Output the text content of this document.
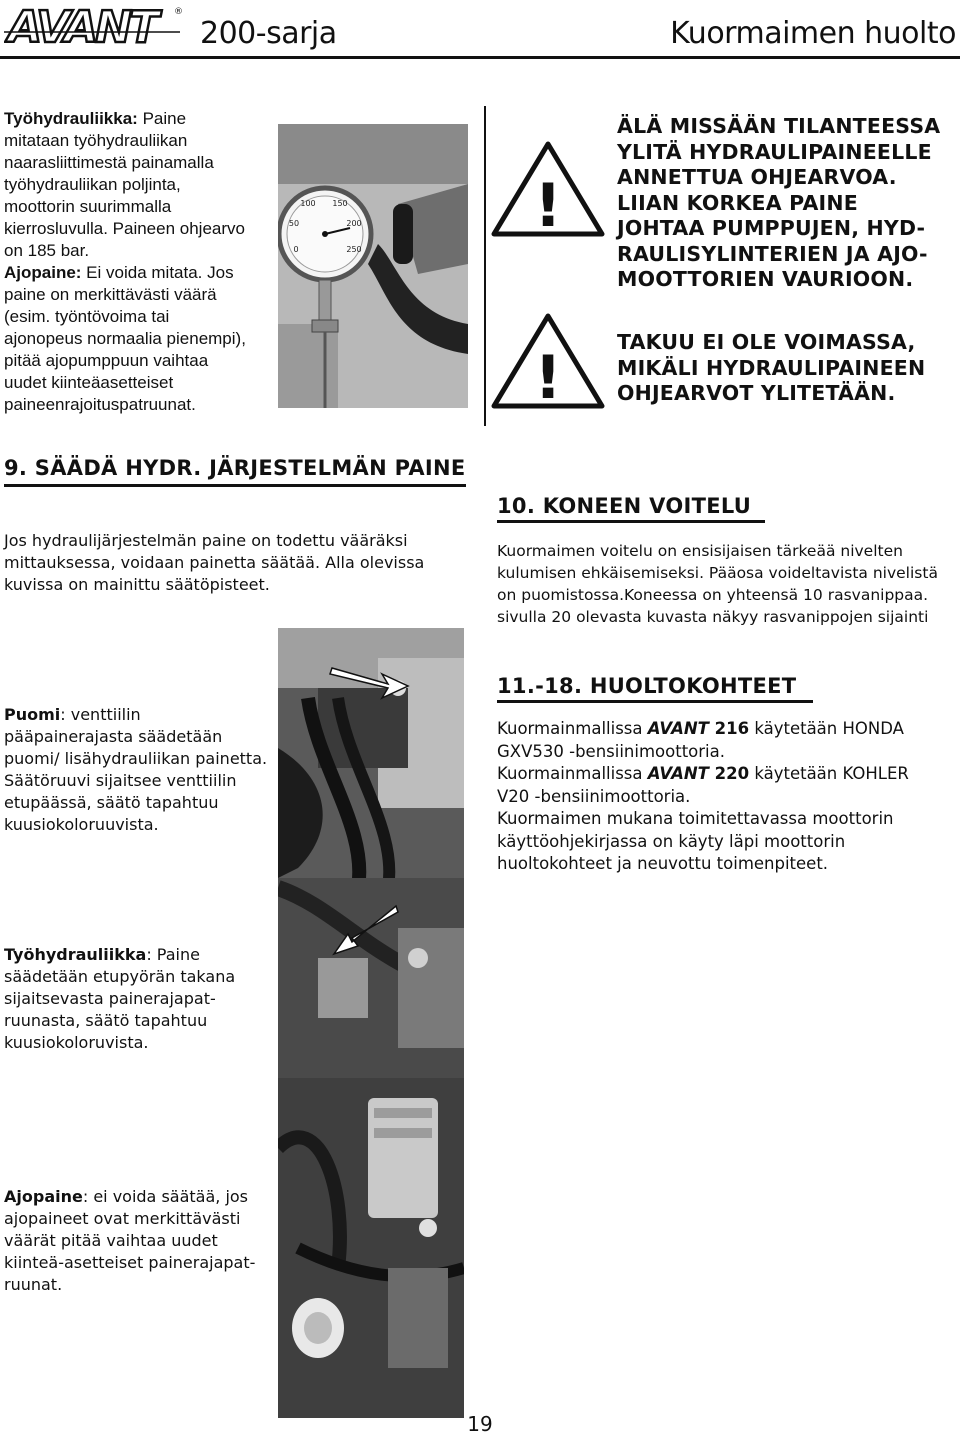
AVANT	®
200-sarja	Kuormaimen huolto
Työhydrauliikka: Paine
mitataan työhydrauliikan
naarasliittimestä painamalla
työhydrauliikan poljinta,
moottorin suurimmalla
kierrosluvulla. Paineen ohjearvo
on 185 bar.
Ajopaine: Ei voida mitata. Jos
paine on merkittävästi väärä
(esim. työntövoima tai
ajonopeus normaalia pienempi),
pitää ajopumppuun vaihtaa
uudet kiinteäasetteiset
paineenrajoituspatruunat.
0
50
100 150
200
250
!
ÄLÄ MISSÄÄN TILANTEESSA
YLITÄ HYDRAULIPAINEELLE
ANNETTUA OHJEARVOA.
LIIAN KORKEA PAINE
JOHTAA PUMPPUJEN, HYD-
RAULISYLINTERIEN JA AJO-
MOOTTORIEN VAURIOON.
!
TAKUU EI OLE VOIMASSA,
MIKÄLI HYDRAULIPAINEEN
OHJEARVOT YLITETÄÄN.
9. SÄÄDÄ HYDR. JÄRJESTELMÄN PAINE
Jos hydraulijärjestelmän paine on todettu vääräksi
mittauksessa, voidaan painetta säätää. Alla olevissa
kuvissa on mainittu säätöpisteet.
10. KONEEN VOITELU
Kuormaimen voitelu on ensisijaisen tärkeää nivelten
kulumisen ehkäisemiseksi. Pääosa voideltavista nivelistä
on puomistossa.Koneessa on yhteensä 10 rasvanippaa.
sivulla 20 olevasta kuvasta näkyy rasvanippojen sijainti
11.-18. HUOLTOKOHTEET
Kuormainmallissa AVANT 216 käytetään HONDA
GXV530 -bensiinimoottoria.
Kuormainmallissa AVANT 220 käytetään KOHLER
V20 -bensiinimoottoria.
Kuormaimen mukana toimitettavassa moottorin
käyttöohjekirjassa on käyty läpi moottorin
huoltokohteet ja neuvottu toimenpiteet.
Puomi: venttiilin
pääpainerajasta säädetään
puomi/ lisähydrauliikan painetta.
Säätöruuvi sijaitsee venttiilin
etupäässä, säätö tapahtuu
kuusiokoloruuvista.
Työhydrauliikka: Paine
säädetään etupyörän takana
sijaitsevasta painerajapat-
ruunasta, säätö tapahtuu
kuusiokoloruvista.
Ajopaine: ei voida säätää, jos
ajopaineet ovat merkittävästi
väärät pitää vaihtaa uudet
kiinteä-asetteiset painerajapat-
ruunat.
19
